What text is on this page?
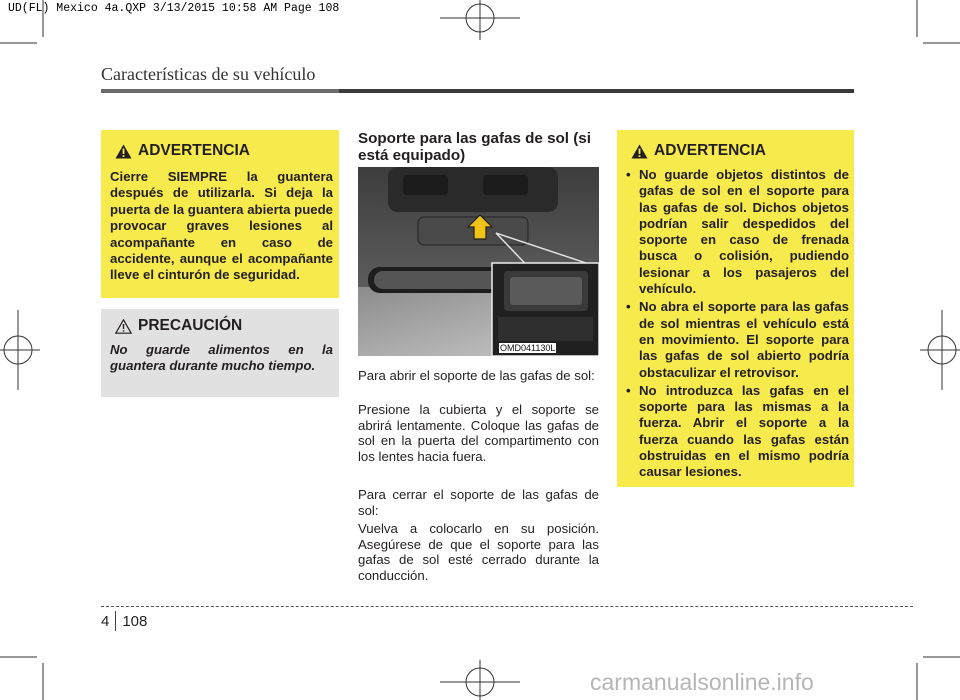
UD(FL) Mexico 4a.QXP 3/13/2015 10:58 AM Page 108
Características de su vehículo
ADVERTENCIA
Cierre SIEMPRE la guantera después de utilizarla. Si deja la puerta de la guantera abierta puede provocar graves lesiones al acompañante en caso de accidente, aunque el acompañante lleve el cinturón de seguridad.
PRECAUCIÓN
No guarde alimentos en la guantera durante mucho tiempo.
Soporte para las gafas de sol (si está equipado)
OMD041130L
Para abrir el soporte de las gafas de sol:
Presione la cubierta y el soporte se abrirá lentamente. Coloque las gafas de sol en la puerta del compartimento con los lentes hacia fuera.
Para cerrar el soporte de las gafas de sol:
Vuelva a colocarlo en su posición. Asegúrese de que el soporte para las gafas de sol esté cerrado durante la conducción.
ADVERTENCIA
• No guarde objetos distintos de gafas de sol en el soporte para las gafas de sol. Dichos objetos podrían salir despedidos del soporte en caso de frenada busca o colisión, pudiendo lesionar a los pasajeros del vehículo.
• No abra el soporte para las gafas de sol mientras el vehículo está en movimiento. El soporte para las gafas de sol abierto podría obstaculizar el retrovisor.
• No introduzca las gafas en el soporte para las mismas a la fuerza. Abrir el soporte a la fuerza cuando las gafas están obstruidas en el mismo podría causar lesiones.
4 108
carmanualsonline.info
